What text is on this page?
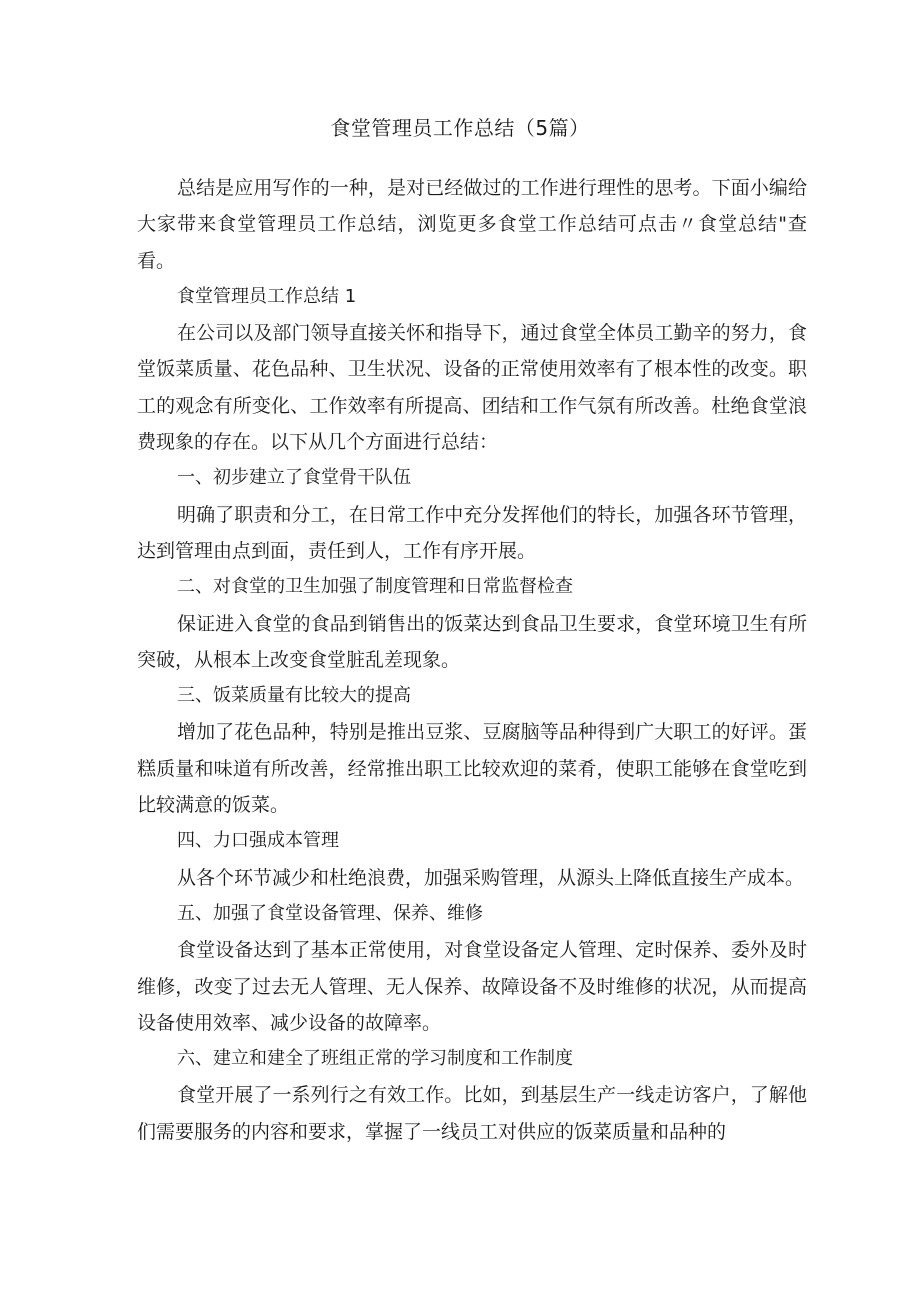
食堂管理员工作总结（5篇）

总结是应用写作的一种，是对已经做过的工作进行理性的思考。下面小编给大家带来食堂管理员工作总结，浏览更多食堂工作总结可点击〃食堂总结"查看。

食堂管理员工作总结 1

在公司以及部门领导直接关怀和指导下，通过食堂全体员工勤辛的努力，食堂饭菜质量、花色品种、卫生状况、设备的正常使用效率有了根本性的改变。职工的观念有所变化、工作效率有所提高、团结和工作气氛有所改善。杜绝食堂浪费现象的存在。以下从几个方面进行总结：

一、初步建立了食堂骨干队伍

明确了职责和分工，在日常工作中充分发挥他们的特长，加强各环节管理，达到管理由点到面，责任到人，工作有序开展。

二、对食堂的卫生加强了制度管理和日常监督检查

保证进入食堂的食品到销售出的饭菜达到食品卫生要求，食堂环境卫生有所突破，从根本上改变食堂脏乱差现象。

三、饭菜质量有比较大的提高

增加了花色品种，特别是推出豆浆、豆腐脑等品种得到广大职工的好评。蛋糕质量和味道有所改善，经常推出职工比较欢迎的菜肴，使职工能够在食堂吃到比较满意的饭菜。

四、力口强成本管理

从各个环节减少和杜绝浪费，加强采购管理，从源头上降低直接生产成本。

五、加强了食堂设备管理、保养、维修

食堂设备达到了基本正常使用，对食堂设备定人管理、定时保养、委外及时维修，改变了过去无人管理、无人保养、故障设备不及时维修的状况，从而提高设备使用效率、减少设备的故障率。

六、建立和建全了班组正常的学习制度和工作制度

食堂开展了一系列行之有效工作。比如，到基层生产一线走访客户，了解他们需要服务的内容和要求，掌握了一线员工对供应的饭菜质量和品种的
